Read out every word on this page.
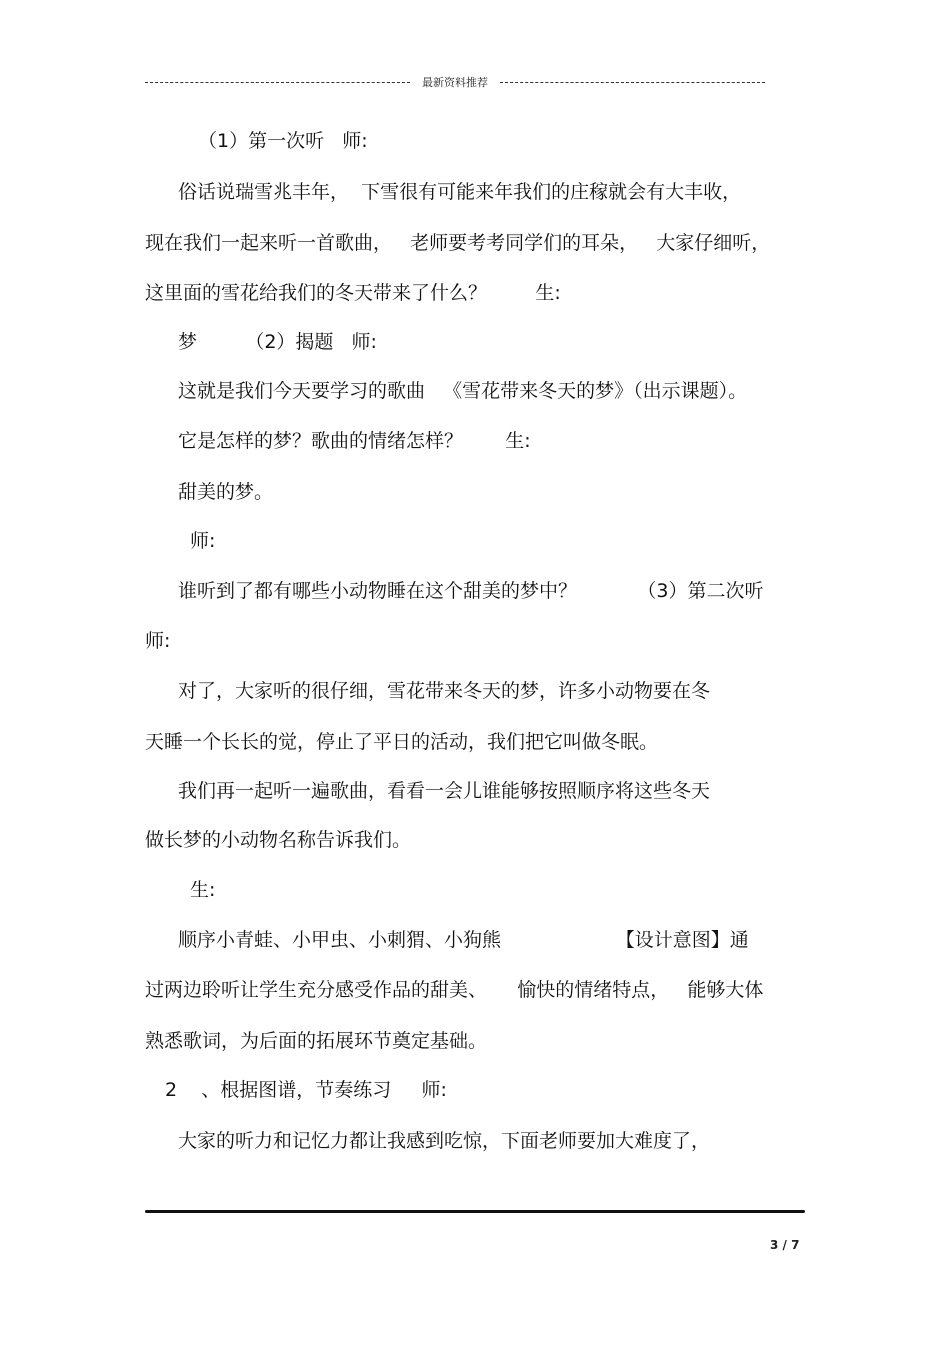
最新资料推荐
（1）第一次听   师:
俗话说瑞雪兆丰年，  下雪很有可能来年我们的庄稼就会有大丰收，
现在我们一起来听一首歌曲，   老师要考考同学们的耳朵，   大家仔细听，
这里面的雪花给我们的冬天带来了什么？        生:
梦        （2）揭题   师:
这就是我们今天要学习的歌曲   《雪花带来冬天的梦》（出示课题）。
它是怎样的梦？歌曲的情绪怎样？       生:
甜美的梦。
师:
谁听到了都有哪些小动物睡在这个甜美的梦中？          （3）第二次听
师:
对了，大家听的很仔细，雪花带来冬天的梦，许多小动物要在冬
天睡一个长长的觉，停止了平日的活动，我们把它叫做冬眠。
我们再一起听一遍歌曲，看看一会儿谁能够按照顺序将这些冬天
做长梦的小动物名称告诉我们。
生:
顺序小青蛙、小甲虫、小刺猬、小狗熊                   【设计意图】通
过两边聆听让学生充分感受作品的甜美、     愉快的情绪特点，   能够大体
熟悉歌词，为后面的拓展环节奠定基础。
2    、根据图谱，节奏练习     师:
大家的听力和记忆力都让我感到吃惊，下面老师要加大难度了，
3 / 7
